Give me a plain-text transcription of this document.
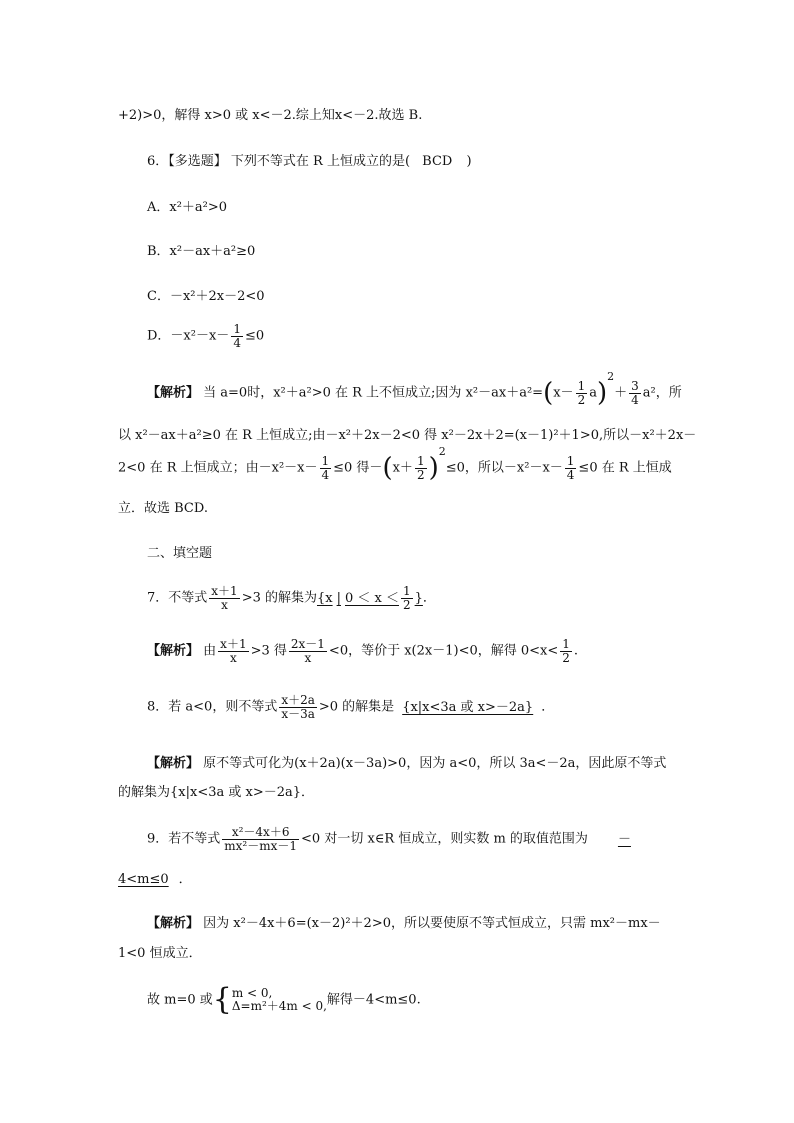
+2)>0，解得 x>0 或 x<－2.综上知x<－2.故选 B.
6．【多选题】 下列不等式在 R 上恒成立的是( BCD )
A．x²＋a²>0
B．x²－ax＋a²≥0
C．－x²＋2x－2<0
D．$-x^2-x- \frac{1}{4} \le 0$
【解析】 当 a=0时，x²＋a²>0 在 R 上不恒成立;因为 $x^2-ax+a^2=(x- \frac{1}{2} a)^2+ \frac{3}{4} a^2$，所
以 x²－ax＋a²≥0 在 R 上恒成立;由－x²＋2x－2<0 得 x²－2x＋2=(x－1)²＋1>0,所以－x²＋2x－
2<0 在 R 上恒成立；由$-x^2-x- \frac{1}{4} \le 0$ 得$-(x+ \frac{1}{2} )^2\le 0$，所以$-x^2-x- \frac{1}{4} \le 0$ 在 R 上恒成
立．故选 BCD.
二、填空题
7．不等式 $\frac{x+1}{x} >3$ 的解集为{x | $0 < x < \frac{1}{2}$ }．
【解析】 由 $\frac{x+1}{x} >3$ 得 $\frac{2x-1}{x} <0$，等价于 x(2x－1)<0，解得 $0<x< \frac{1}{2}$ .
8．若 a<0，则不等式 $\frac{x+2a}{x-3a} >0$ 的解集是 {x|x<3a 或 x>－2a} ．
【解析】 原不等式可化为(x＋2a)(x－3a)>0，因为 a<0，所以 3a<－2a，因此原不等式
的解集为{x|x<3a 或 x>－2a}．
9．若不等式 $\frac{\text{x²－4x＋6}}{\text{mx²－mx－1}} <0$ 对一切 x∈R 恒成立，则实数 m 的取值范围为 －
4<m≤0 ．
【解析】 因为 x²－4x＋6=(x－2)²＋2>0，所以要使原不等式恒成立，只需 mx²－mx－
1<0 恒成立．
故 m=0 或{ m < 0,
Δ=m²＋4m < 0, 解得－4<m≤0.
